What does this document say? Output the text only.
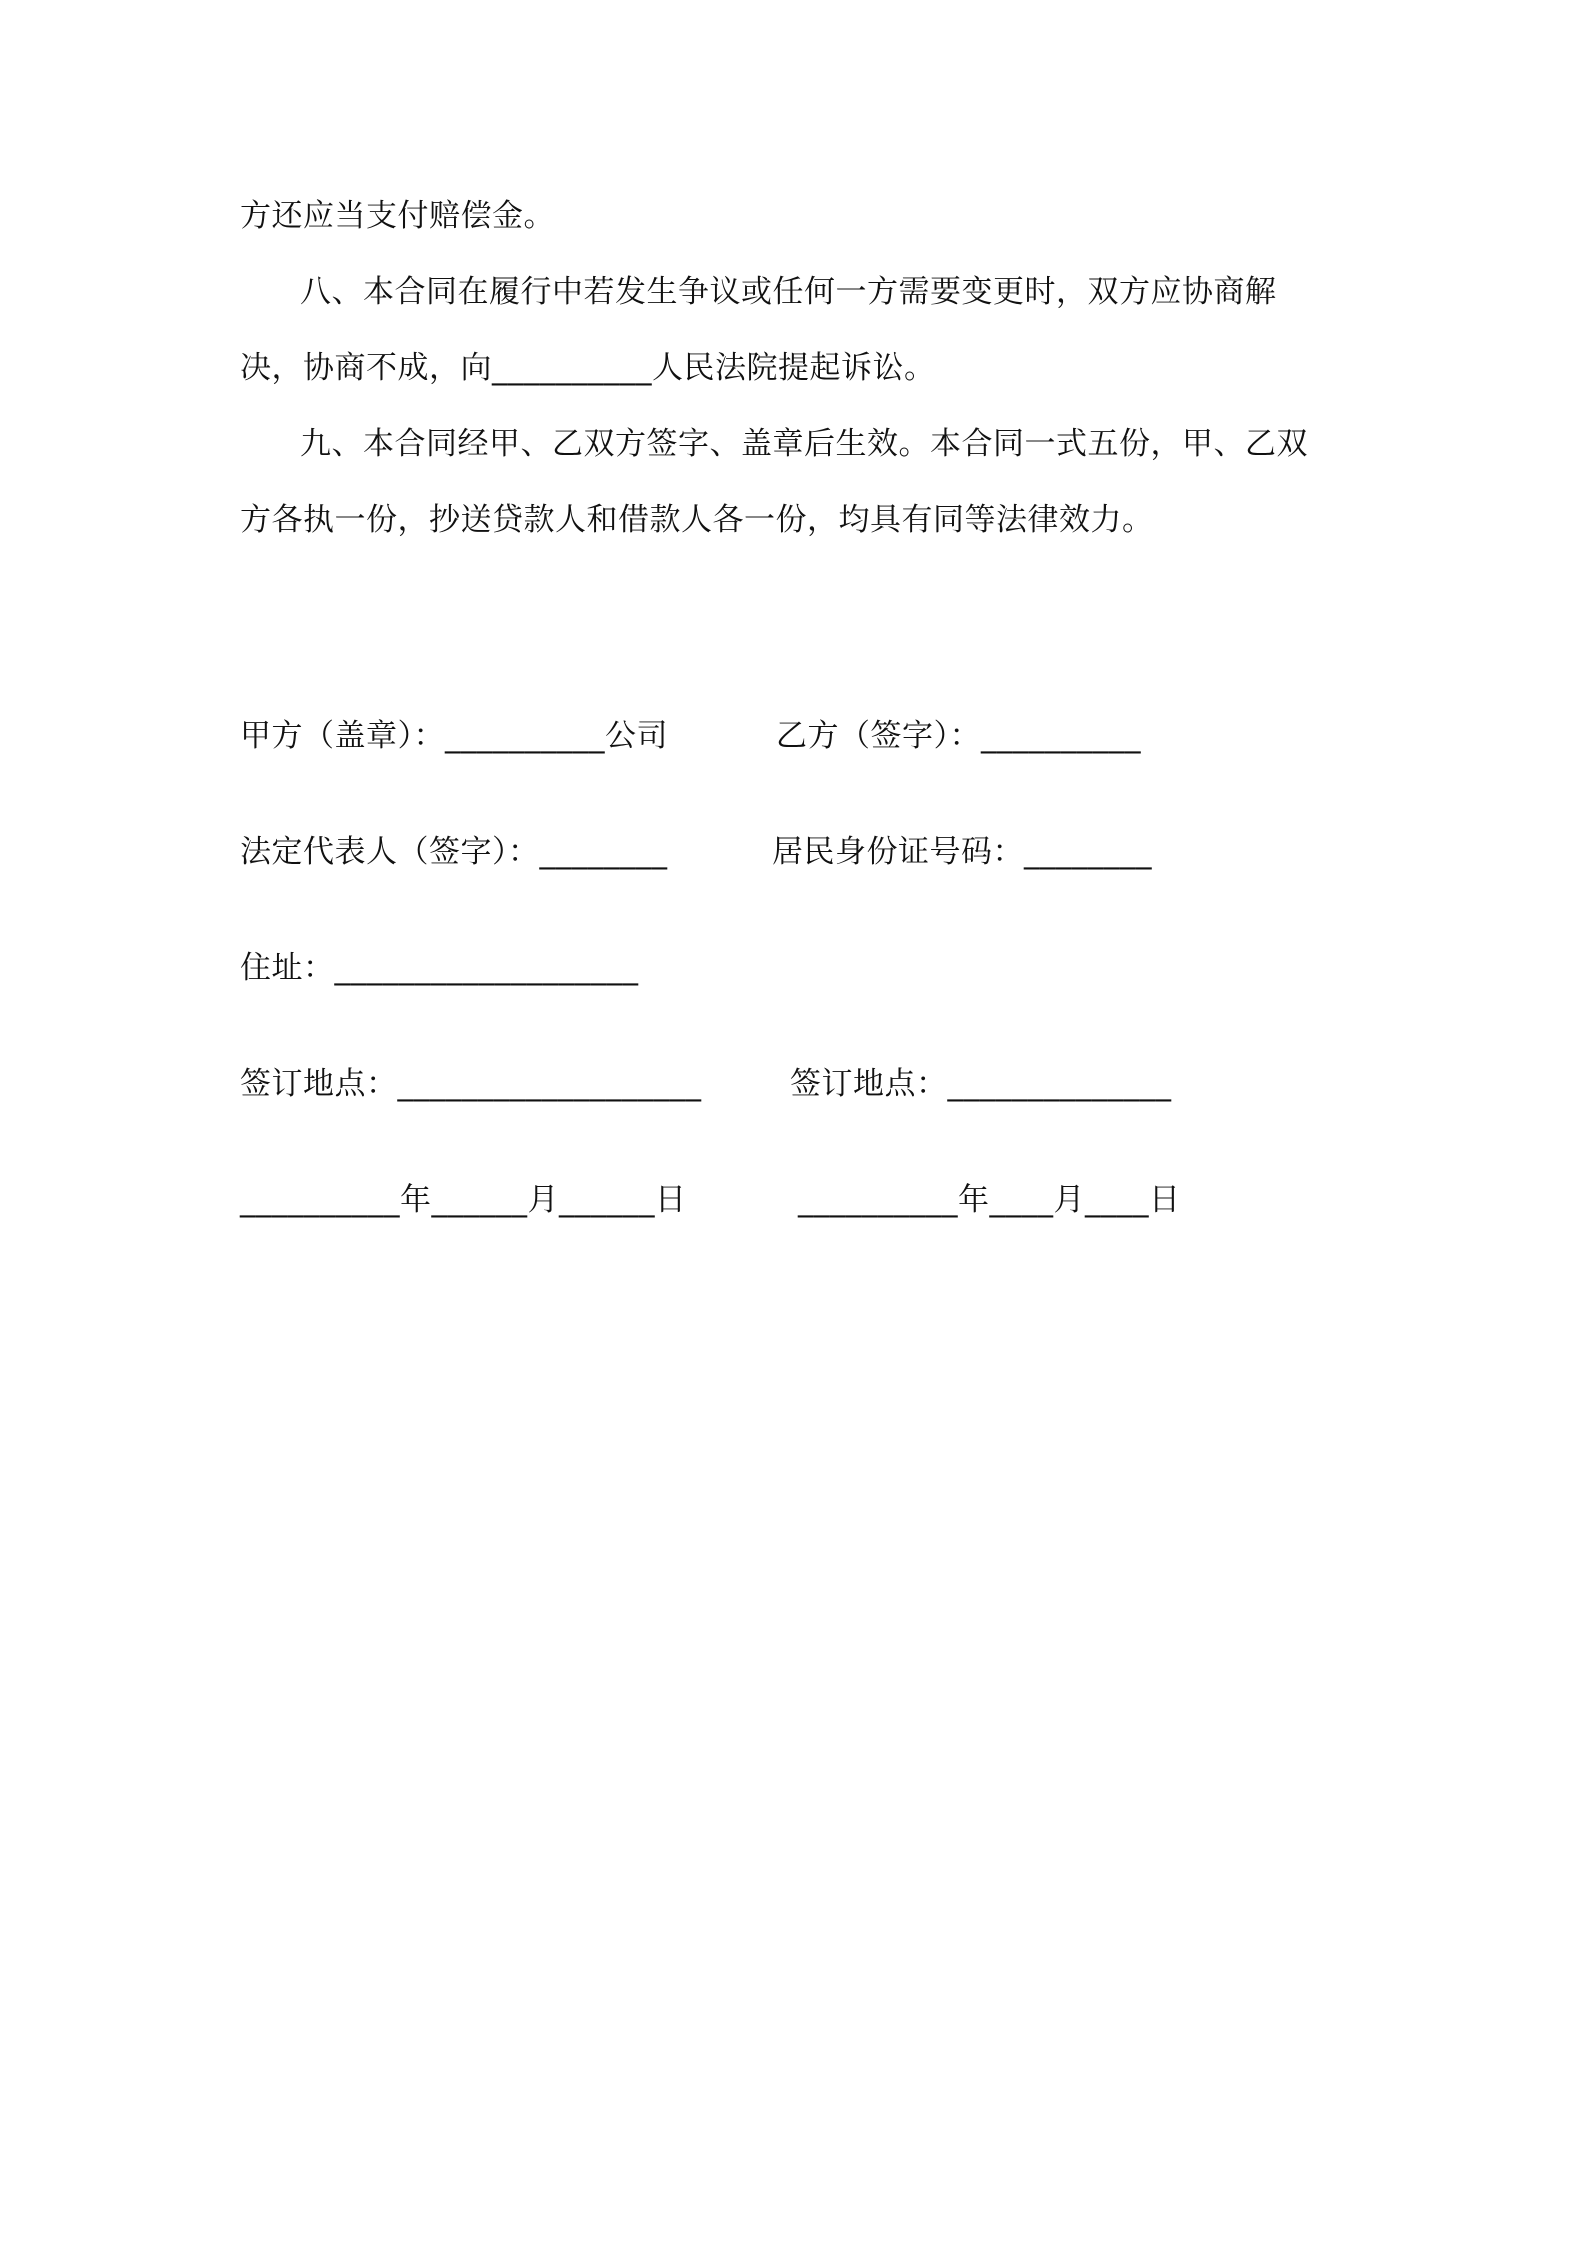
方还应当支付赔偿金。
八、本合同在履行中若发生争议或任何一方需要变更时，双方应协商解
决，协商不成，向__________人民法院提起诉讼。
九、本合同经甲、乙双方签字、盖章后生效。本合同一式五份，甲、乙双
方各执一份，抄送贷款人和借款人各一份，均具有同等法律效力。
甲方（盖章）：__________公司	乙方（签字）：__________
法定代表人（签字）：________	居民身份证号码：________
住址：___________________
签订地点：___________________	签订地点：______________
__________年______月______日	__________年____月____日
